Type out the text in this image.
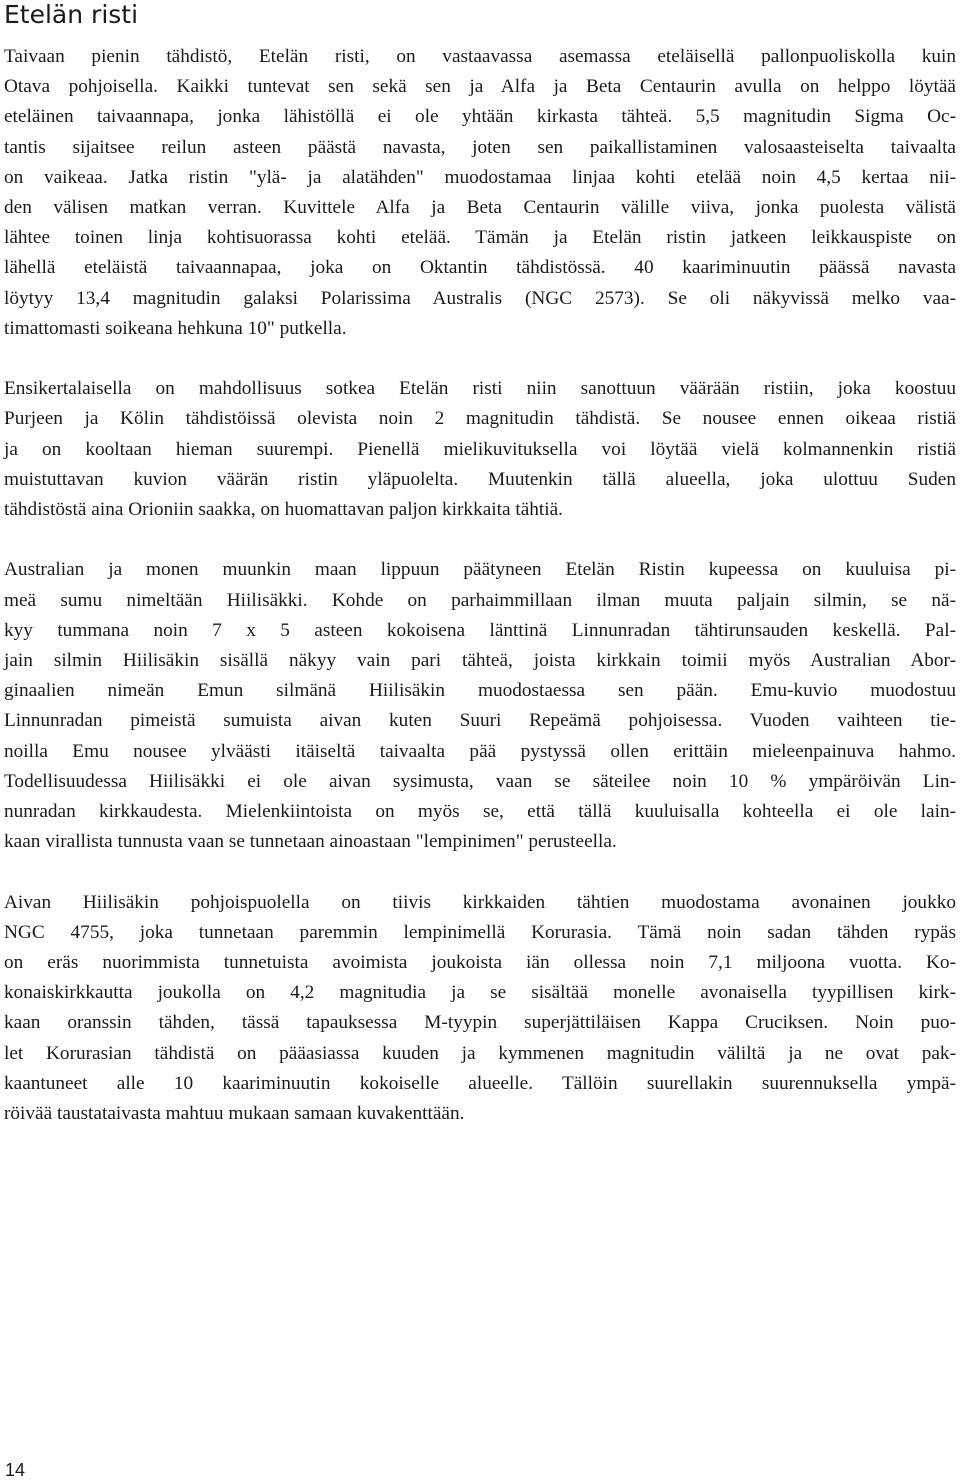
Etelän risti

Taivaan pienin tähdistö, Etelän risti, on vastaavassa asemassa eteläisellä pallonpuoliskolla kuin
Otava pohjoisella. Kaikki tuntevat sen sekä sen ja Alfa ja Beta Centaurin avulla on helppo löytää
eteläinen taivaannapa, jonka lähistöllä ei ole yhtään kirkasta tähteä. 5,5 magnitudin Sigma Oc-
tantis sijaitsee reilun asteen päästä navasta, joten sen paikallistaminen valosaasteiselta taivaalta
on vaikeaa. Jatka ristin "ylä- ja alatähden" muodostamaa linjaa kohti etelää noin 4,5 kertaa nii-
den välisen matkan verran. Kuvittele Alfa ja Beta Centaurin välille viiva, jonka puolesta välistä
lähtee toinen linja kohtisuorassa kohti etelää. Tämän ja Etelän ristin jatkeen leikkauspiste on
lähellä eteläistä taivaannapaa, joka on Oktantin tähdistössä. 40 kaariminuutin päässä navasta
löytyy 13,4 magnitudin galaksi Polarissima Australis (NGC 2573). Se oli näkyvissä melko vaa-
timattomasti soikeana hehkuna 10" putkella.

Ensikertalaisella on mahdollisuus sotkea Etelän risti niin sanottuun väärään ristiin, joka koostuu
Purjeen ja Kölin tähdistöissä olevista noin 2 magnitudin tähdistä. Se nousee ennen oikeaa ristiä
ja on kooltaan hieman suurempi. Pienellä mielikuvituksella voi löytää vielä kolmannenkin ristiä
muistuttavan kuvion väärän ristin yläpuolelta. Muutenkin tällä alueella, joka ulottuu Suden
tähdistöstä aina Orioniin saakka, on huomattavan paljon kirkkaita tähtiä.

Australian ja monen muunkin maan lippuun päätyneen Etelän Ristin kupeessa on kuuluisa pi-
meä sumu nimeltään Hiilisäkki. Kohde on parhaimmillaan ilman muuta paljain silmin, se nä-
kyy tummana noin 7 x 5 asteen kokoisena länttinä Linnunradan tähtirunsauden keskellä. Pal-
jain silmin Hiilisäkin sisällä näkyy vain pari tähteä, joista kirkkain toimii myös Australian Abor-
ginaalien nimeän Emun silmänä Hiilisäkin muodostaessa sen pään. Emu-kuvio muodostuu
Linnunradan pimeistä sumuista aivan kuten Suuri Repeämä pohjoisessa. Vuoden vaihteen tie-
noilla Emu nousee ylväästi itäiseltä taivaalta pää pystyssä ollen erittäin mieleenpainuva hahmo.
Todellisuudessa Hiilisäkki ei ole aivan sysimusta, vaan se säteilee noin 10 % ympäröivän Lin-
nunradan kirkkaudesta. Mielenkiintoista on myös se, että tällä kuuluisalla kohteella ei ole lain-
kaan virallista tunnusta vaan se tunnetaan ainoastaan "lempinimen" perusteella.

Aivan Hiilisäkin pohjoispuolella on tiivis kirkkaiden tähtien muodostama avonainen joukko
NGC 4755, joka tunnetaan paremmin lempinimellä Korurasia. Tämä noin sadan tähden rypäs
on eräs nuorimmista tunnetuista avoimista joukoista iän ollessa noin 7,1 miljoona vuotta. Ko-
konaiskirkkautta joukolla on 4,2 magnitudia ja se sisältää monelle avonaisella tyypillisen kirk-
kaan oranssin tähden, tässä tapauksessa M-tyypin superjättiläisen Kappa Cruciksen. Noin puo-
let Korurasian tähdistä on pääasiassa kuuden ja kymmenen magnitudin väliltä ja ne ovat pak-
kaantuneet alle 10 kaariminuutin kokoiselle alueelle. Tällöin suurellakin suurennuksella ympä-
röivää taustataivasta mahtuu mukaan samaan kuvakenttään.

14
